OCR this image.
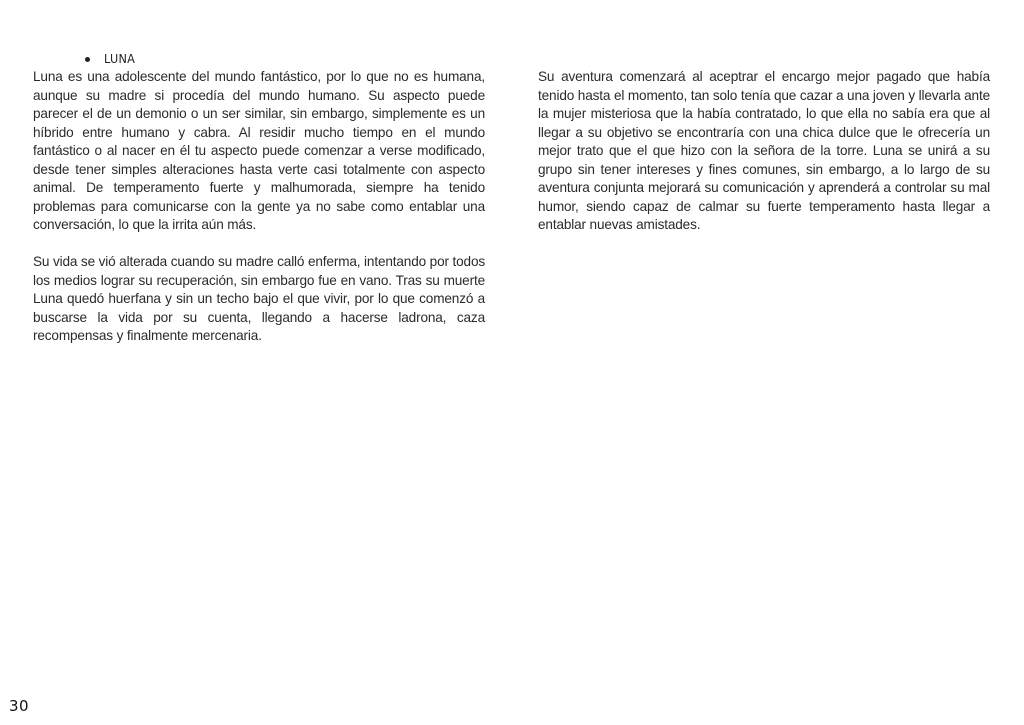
LUNA

Luna es una adolescente del mundo fantástico, por lo que no es humana, aunque su madre si procedía del mundo humano. Su aspecto puede parecer el de un demonio o un ser similar, sin embargo, simplemente es un híbrido entre humano y cabra. Al residir mucho tiempo en el mundo fantástico o al nacer en él tu aspecto puede comenzar a verse modificado, desde tener simples alteraciones hasta verte casi totalmente con aspecto animal. De temperamento fuerte y malhumorada, siempre ha tenido problemas para comunicarse con la gente ya no sabe como entablar una conversación, lo que la irrita aún más.

Su vida se vió alterada cuando su madre calló enferma, intentando por todos los medios lograr su recuperación, sin embargo fue en vano. Tras su muerte Luna quedó huerfana y sin un techo bajo el que vivir, por lo que comenzó a buscarse la vida por su cuenta, llegando a hacerse ladrona, caza recompensas y finalmente mercenaria.

Su aventura comenzará al aceptrar el encargo mejor pagado que había tenido hasta el momento, tan solo tenía que cazar a una joven y llevarla ante la mujer misteriosa que la había contratado, lo que ella no sabía era que al llegar a su objetivo se encontraría con una chica dulce que le ofrecería un mejor trato que el que hizo con la señora de la torre. Luna se unirá a su grupo sin tener intereses y fines comunes, sin embargo, a lo largo de su aventura conjunta mejorará su comunicación y aprenderá a controlar su mal humor, siendo capaz de calmar su fuerte temperamento hasta llegar a entablar nuevas amistades.

30
